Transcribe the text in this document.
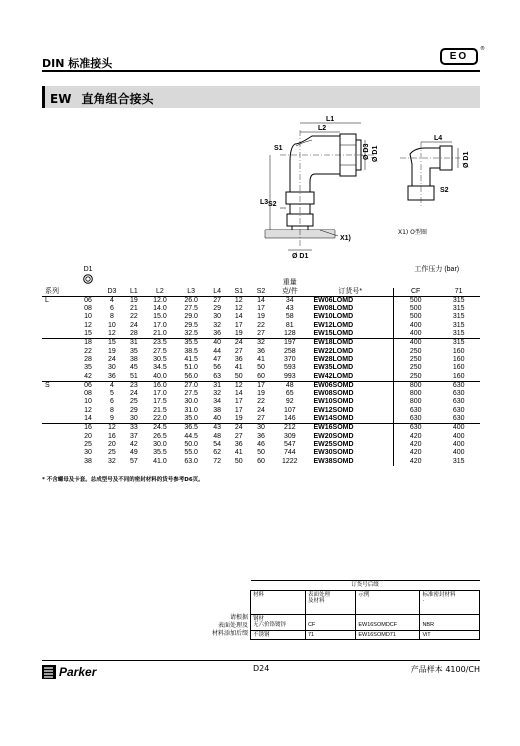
DIN 标准接头
EO
®
EW 直角组合接头
L1
L2
S1	Ø D3 Ø D1
L3 S2
X1)
Ø D1
L4
Ø D1
S2
X1) O型圈
	D1										工作压力 (bar)	
			重量			
系列		D3	L1	L2	L3	L4	S1	S2	克/件	订货号*	CF	71
L	06	4	19	12.0	26.0	27	12	14	34	EW06LOMD	500	315
	08	6	21	14.0	27.5	29	12	17	43	EW08LOMD	500	315
	10	8	22	15.0	29.0	30	14	19	58	EW10LOMD	500	315
	12	10	24	17.0	29.5	32	17	22	81	EW12LOMD	400	315
	15	12	28	21.0	32.5	36	19	27	128	EW15LOMD	400	315
	18	15	31	23.5	35.5	40	24	32	197	EW18LOMD	400	315
	22	19	35	27.5	38.5	44	27	36	258	EW22LOMD	250	160
	28	24	38	30.5	41.5	47	36	41	370	EW28LOMD	250	160
	35	30	45	34.5	51.0	56	41	50	593	EW35LOMD	250	160
	42	36	51	40.0	56.0	63	50	60	993	EW42LOMD	250	160
S	06	4	23	16.0	27.0	31	12	17	48	EW06SOMD	800	630
	08	5	24	17.0	27.5	32	14	19	65	EW08SOMD	800	630
	10	6	25	17.5	30.0	34	17	22	92	EW10SOMD	800	630
	12	8	29	21.5	31.0	38	17	24	107	EW12SOMD	630	630
	14	9	30	22.0	35.0	40	19	27	146	EW14SOMD	630	630
	16	12	33	24.5	36.5	43	24	30	212	EW16SOMD	630	400
	20	16	37	26.5	44.5	48	27	36	309	EW20SOMD	420	400
	25	20	42	30.0	50.0	54	36	46	547	EW25SOMD	420	400
	30	25	49	35.5	55.0	62	41	50	744	EW30SOMD	420	400
	38	32	57	41.0	63.0	72	50	60	1222	EW38SOMD	420	315
* 不含螺母及卡套。总成型号及不同的密封材料的货号参考D6页。
请根据
表面处理及
材料添加后缀
订货号后缀			
材料	表面处理
及材料	示例	标准密封材料
·
钢材
无六价铬镀锌	CF	EW16SOMDCF	NBR
不锈钢	71	EW16SOMD71	ViT
Parker	D24	产品样本 4100/CH
